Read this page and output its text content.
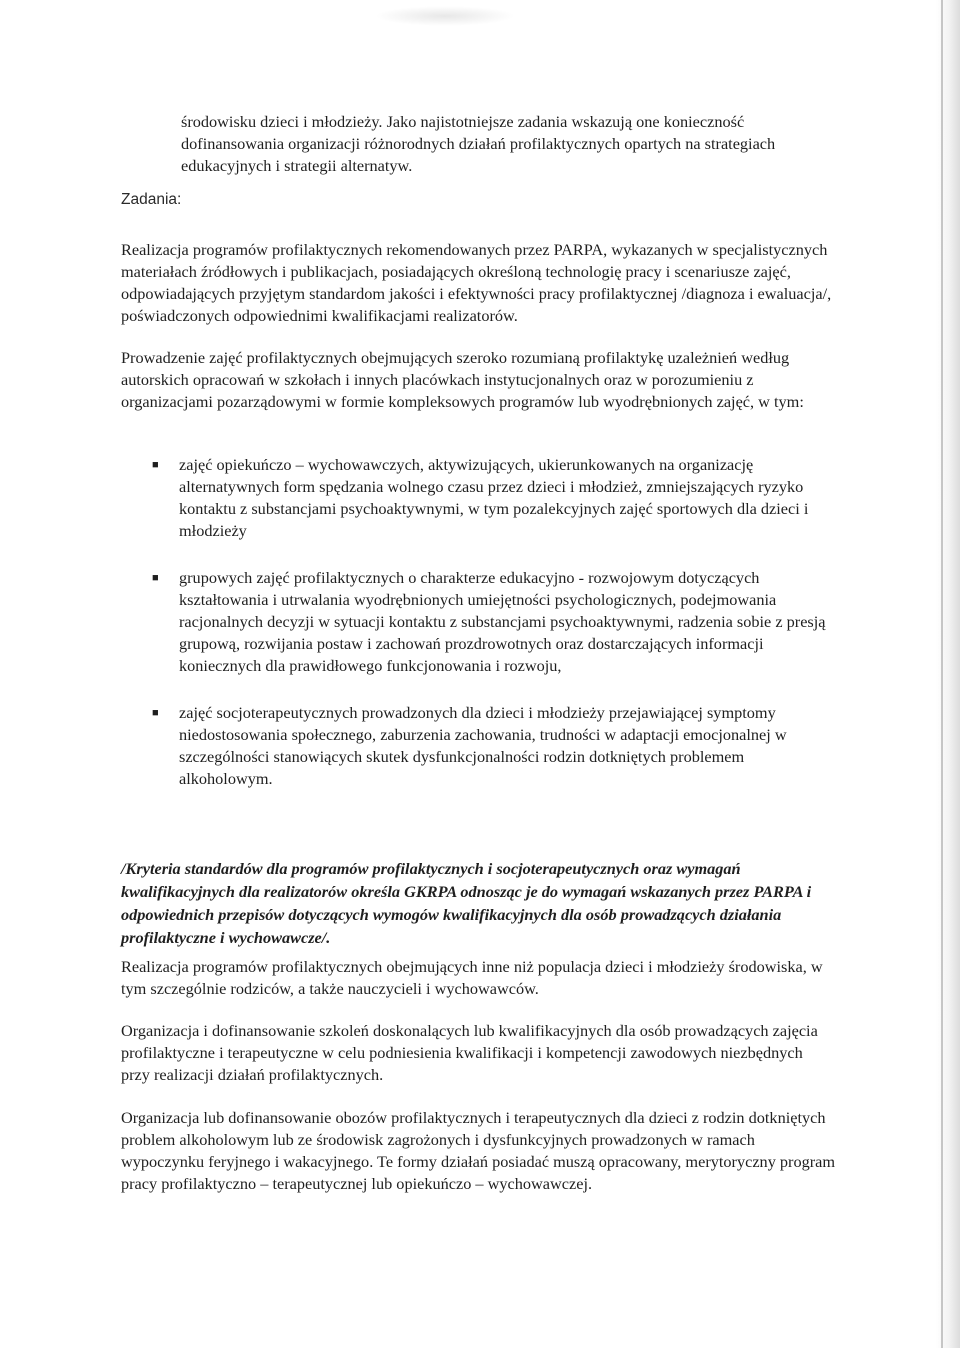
środowisku dzieci i młodzieży. Jako najistotniejsze zadania wskazują one konieczność dofinansowania organizacji różnorodnych działań profilaktycznych opartych na strategiach edukacyjnych i strategii alternatyw.

Zadania:

Realizacja programów profilaktycznych rekomendowanych przez PARPA, wykazanych w specjalistycznych materiałach źródłowych i publikacjach, posiadających określoną technologię pracy i scenariusze zajęć, odpowiadających przyjętym standardom jakości i efektywności pracy profilaktycznej /diagnoza i ewaluacja/, poświadczonych odpowiednimi kwalifikacjami realizatorów.

Prowadzenie zajęć profilaktycznych obejmujących szeroko rozumianą profilaktykę uzależnień według autorskich opracowań w szkołach i innych placówkach instytucjonalnych oraz w porozumieniu z organizacjami pozarządowymi w formie kompleksowych programów lub wyodrębnionych zajęć, w tym:

■ zajęć opiekuńczo – wychowawczych, aktywizujących, ukierunkowanych na organizację alternatywnych form spędzania wolnego czasu przez dzieci i młodzież, zmniejszających ryzyko kontaktu z substancjami psychoaktywnymi, w tym pozalekcyjnych zajęć sportowych dla dzieci i młodzieży
■ grupowych zajęć profilaktycznych o charakterze edukacyjno - rozwojowym dotyczących kształtowania i utrwalania wyodrębnionych umiejętności psychologicznych, podejmowania racjonalnych decyzji w sytuacji kontaktu z substancjami psychoaktywnymi, radzenia sobie z presją grupową, rozwijania postaw i zachowań prozdrowotnych oraz dostarczających informacji koniecznych dla prawidłowego funkcjonowania i rozwoju,
■ zajęć socjoterapeutycznych prowadzonych dla dzieci i młodzieży przejawiającej symptomy niedostosowania społecznego, zaburzenia zachowania, trudności w adaptacji emocjonalnej w szczególności stanowiących skutek dysfunkcjonalności rodzin dotkniętych problemem alkoholowym.

/Kryteria standardów dla programów profilaktycznych i socjoterapeutycznych oraz wymagań kwalifikacyjnych dla realizatorów określa GKRPA odnosząc je do wymagań wskazanych przez PARPA i odpowiednich przepisów dotyczących wymogów kwalifikacyjnych dla osób prowadzących działania profilaktyczne i wychowawcze/.

Realizacja programów profilaktycznych obejmujących inne niż populacja dzieci i młodzieży środowiska, w tym szczególnie rodziców, a także nauczycieli i wychowawców.

Organizacja i dofinansowanie szkoleń doskonalących lub kwalifikacyjnych dla osób prowadzących zajęcia profilaktyczne i terapeutyczne w celu podniesienia kwalifikacji i kompetencji zawodowych niezbędnych przy realizacji działań profilaktycznych.

Organizacja lub dofinansowanie obozów profilaktycznych i terapeutycznych dla dzieci z rodzin dotkniętych problem alkoholowym lub ze środowisk zagrożonych i dysfunkcyjnych prowadzonych w ramach wypoczynku feryjnego i wakacyjnego. Te formy działań posiadać muszą opracowany, merytoryczny program pracy profilaktyczno – terapeutycznej lub opiekuńczo – wychowawczej.
